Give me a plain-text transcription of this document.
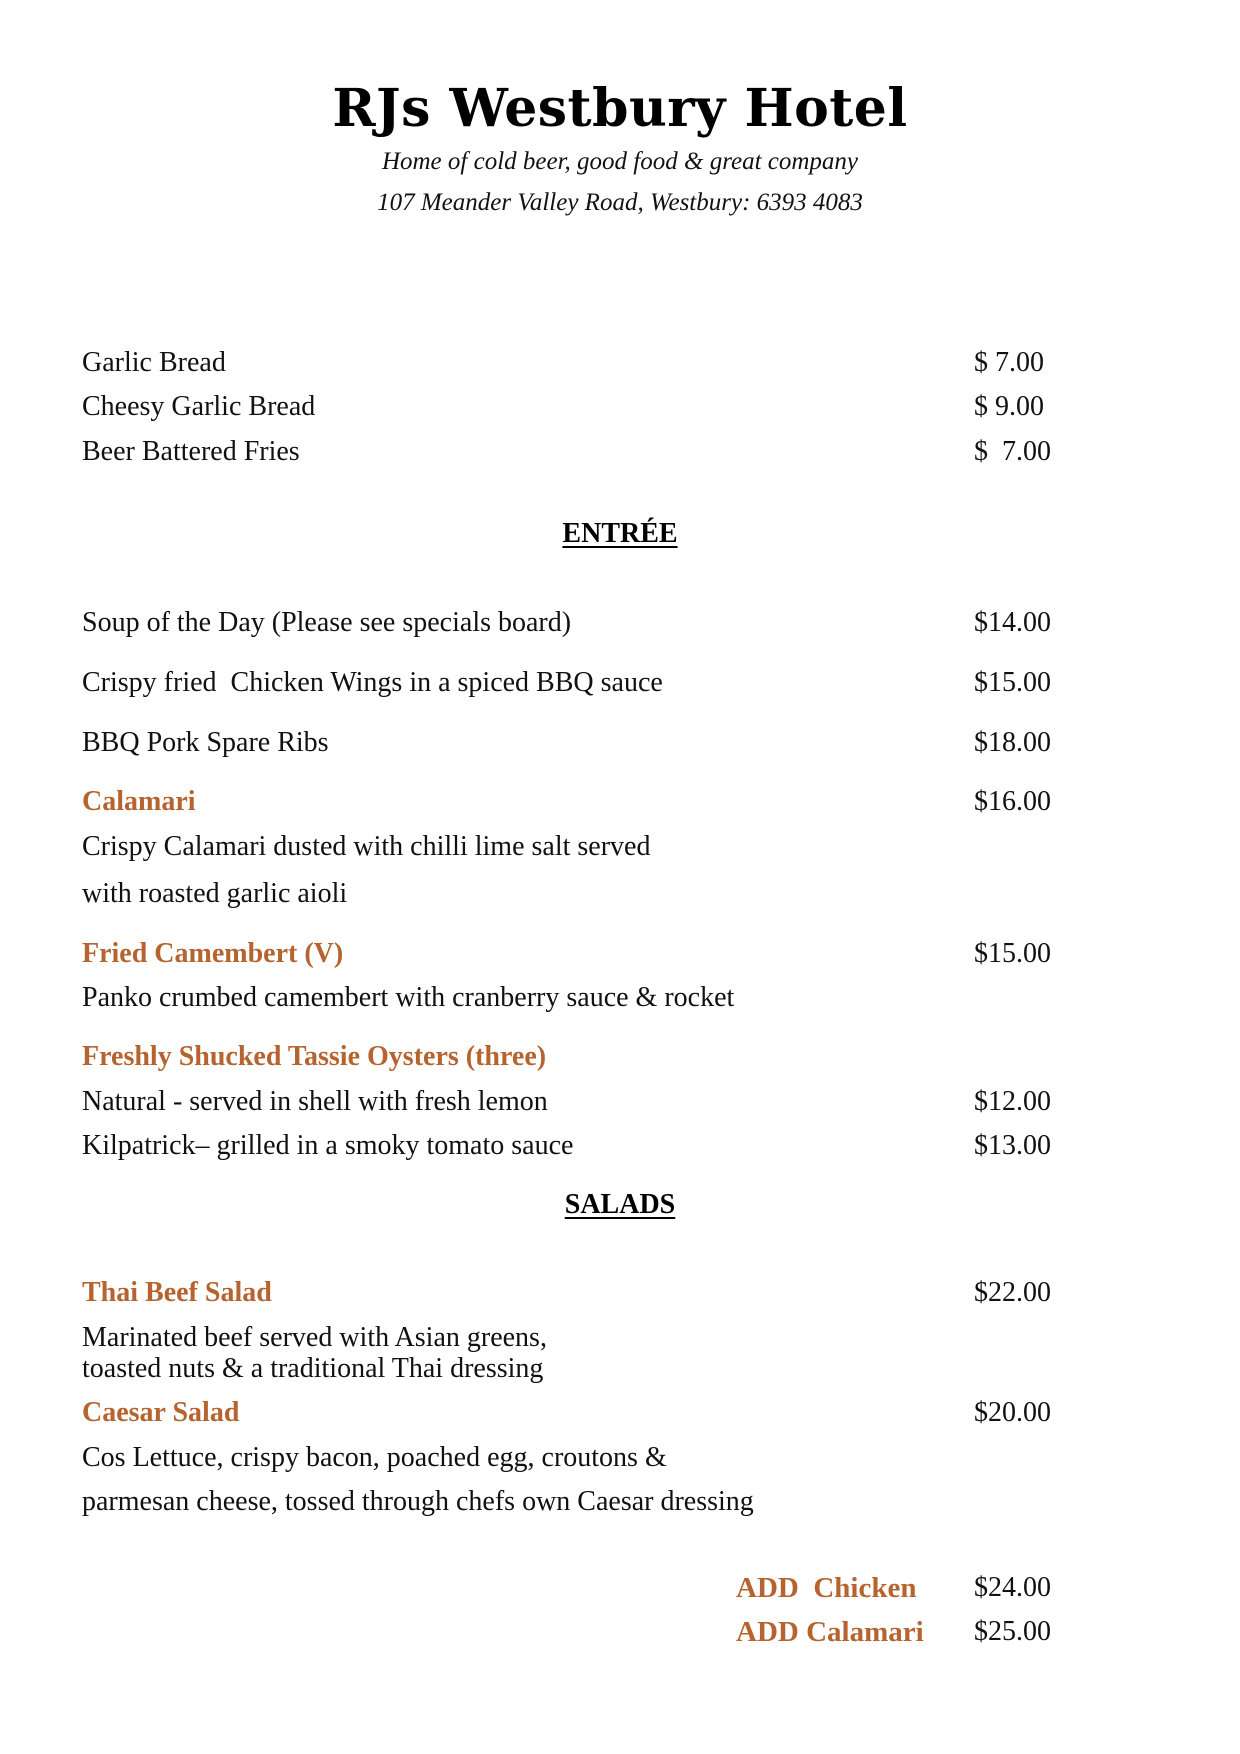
RJs Westbury Hotel
Home of cold beer, good food & great company
107 Meander Valley Road, Westbury: 6393 4083
Garlic Bread	$ 7.00
Cheesy Garlic Bread	$ 9.00
Beer Battered Fries	$  7.00
ENTRÉE
Soup of the Day (Please see specials board)	$14.00
Crispy fried  Chicken Wings in a spiced BBQ sauce	$15.00
BBQ Pork Spare Ribs	$18.00
Calamari	$16.00
Crispy Calamari dusted with chilli lime salt served
with roasted garlic aioli
Fried Camembert (V)	$15.00
Panko crumbed camembert with cranberry sauce & rocket
Freshly Shucked Tassie Oysters (three)
Natural - served in shell with fresh lemon	$12.00
Kilpatrick– grilled in a smoky tomato sauce	$13.00
SALADS
Thai Beef Salad	$22.00
Marinated beef served with Asian greens,
toasted nuts & a traditional Thai dressing
Caesar Salad	$20.00
Cos Lettuce, crispy bacon, poached egg, croutons &
parmesan cheese, tossed through chefs own Caesar dressing
ADD  Chicken $24.00
ADD Calamari $25.00
